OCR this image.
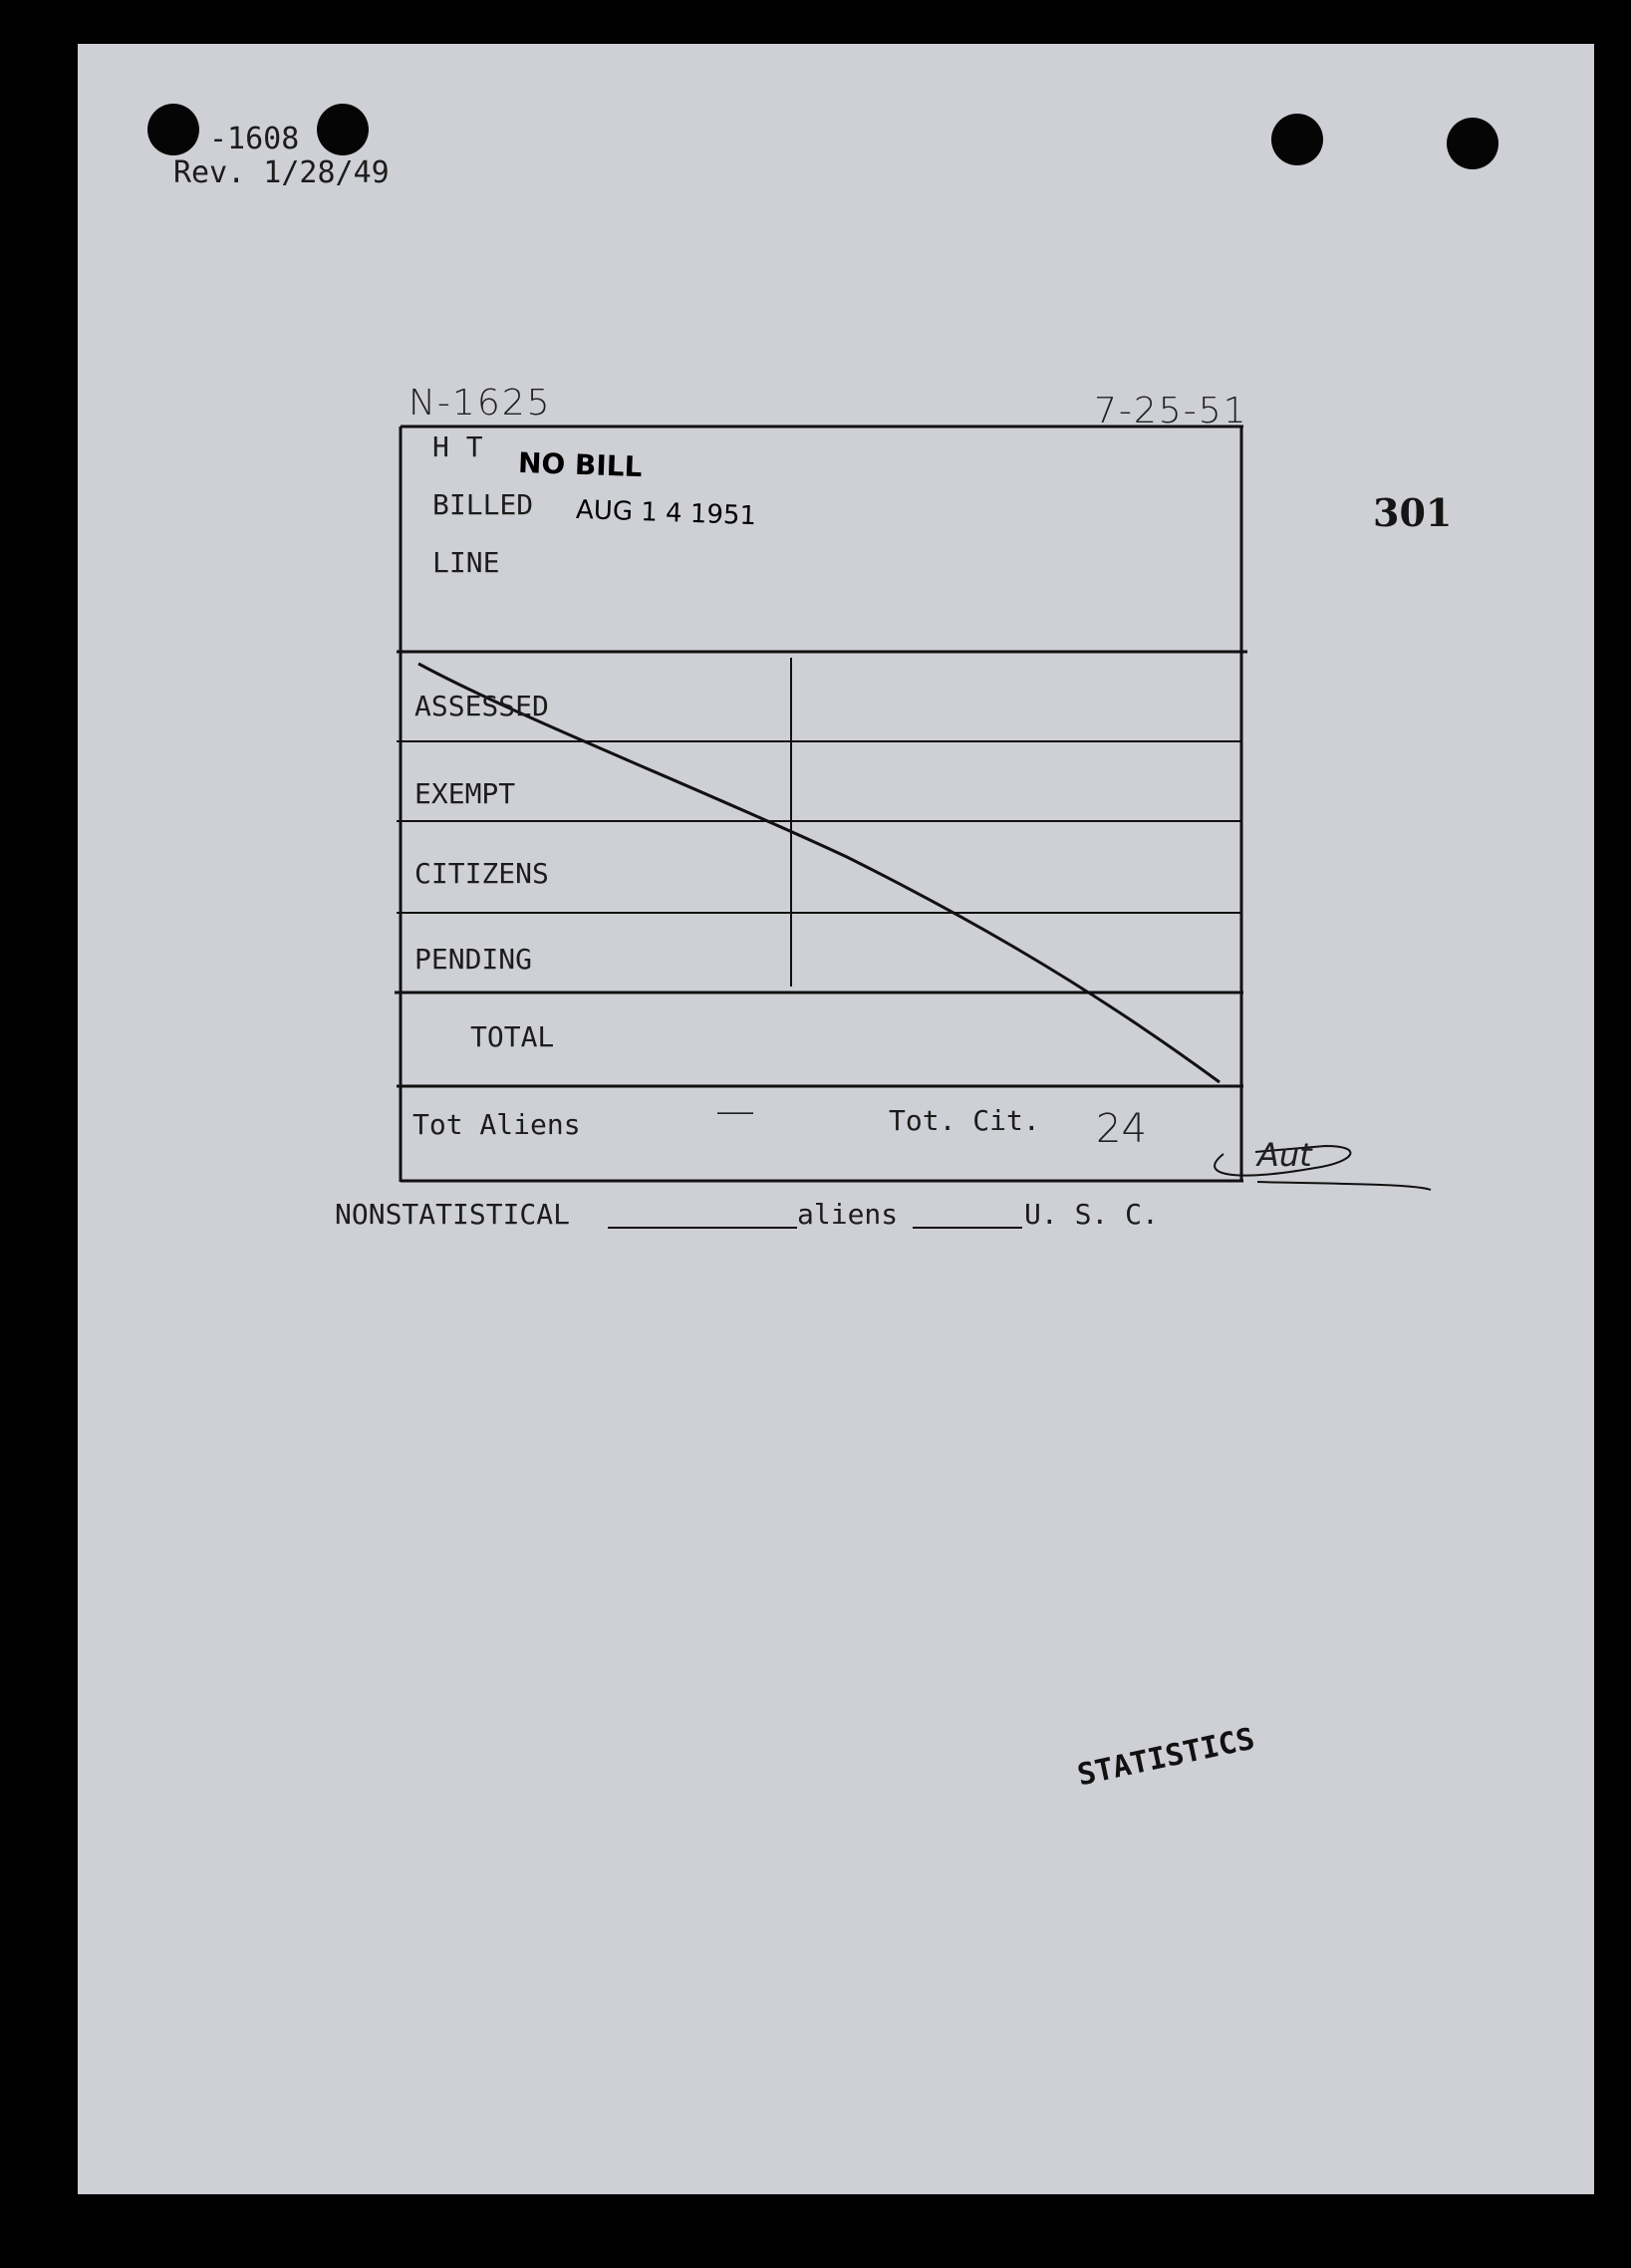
-1608
Rev. 1/28/49
301
N-1625	7-25-51
H T
BILLED
LINE
NO BILL
AUG 1 4 1951
ASSESSED
EXEMPT
CITIZENS
PENDING
TOTAL
Tot Aliens	—	Tot. Cit. 24
Aut
NONSTATISTICAL	aliens	U. S. C.
STATISTICS
